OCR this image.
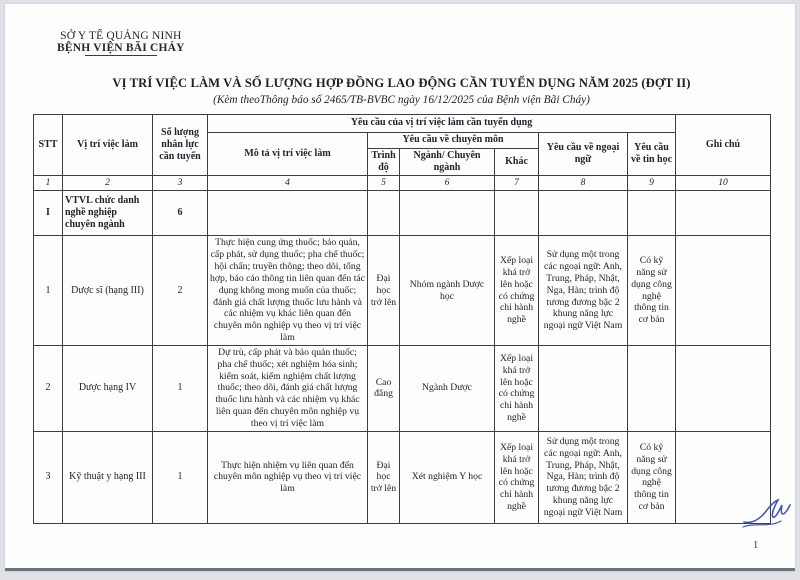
SỞ Y TẾ QUẢNG NINH
BỆNH VIỆN BÃI CHÁY
VỊ TRÍ VIỆC LÀM VÀ SỐ LƯỢNG HỢP ĐỒNG LAO ĐỘNG CẦN TUYỂN DỤNG NĂM 2025 (ĐỢT II)
(Kèm theoThông báo số 2465/TB-BVBC ngày 16/12/2025 của Bệnh viện Bãi Cháy)
STT	Vị trí việc làm	Số lượng nhân lực cần tuyển	Yêu cầu của vị trí việc làm cần tuyển dụng						Ghi chú
			Mô tả vị trí việc làm	Yêu cầu về chuyên môn			Yêu cầu về ngoại ngữ	Yêu cầu về tin học	
				Trình độ	Ngành/ Chuyên ngành	Khác			
1	2	3	4	5	6	7	8	9	10
I	VTVL chức danh nghề nghiệp chuyên ngành	6							
1	Dược sĩ (hạng III)	2	Thực hiện cung ứng thuốc; bảo quản, cấp phát, sử dụng thuốc; pha chế thuốc; hội chẩn; truyền thông; theo dõi, tổng hợp, báo cáo thông tin liên quan đến tác dụng không mong muốn của thuốc; đánh giá chất lượng thuốc lưu hành và các nhiệm vụ khác liên quan đến chuyên môn nghiệp vụ theo vị trí việc làm	Đại học trở lên	Nhóm ngành Dược học	Xếp loại khá trở lên hoặc có chứng chỉ hành nghề	Sử dụng một trong các ngoại ngữ: Anh, Trung, Pháp, Nhật, Nga, Hàn; trình độ tương đương bậc 2 khung năng lực ngoại ngữ Việt Nam	Có kỹ năng sử dụng công nghệ thông tin cơ bản	
2	Dược hạng IV	1	Dự trù, cấp phát và bảo quản thuốc; pha chế thuốc; xét nghiệm hóa sinh; kiểm soát, kiểm nghiệm chất lượng thuốc; theo dõi, đánh giá chất lượng thuốc lưu hành và các nhiệm vụ khác liên quan đến chuyên môn nghiệp vụ theo vị trí việc làm	Cao đẳng	Ngành Dược	Xếp loại khá trở lên hoặc có chứng chỉ hành nghề			
3	Kỹ thuật y hạng III	1	Thực hiện nhiệm vụ liên quan đến chuyên môn nghiệp vụ theo vị trí việc làm	Đại học trở lên	Xét nghiệm Y học	Xếp loại khá trở lên hoặc có chứng chỉ hành nghề	Sử dụng một trong các ngoại ngữ: Anh, Trung, Pháp, Nhật, Nga, Hàn; trình độ tương đương bậc 2 khung năng lực ngoại ngữ Việt Nam	Có kỹ năng sử dụng công nghệ thông tin cơ bản	
1
